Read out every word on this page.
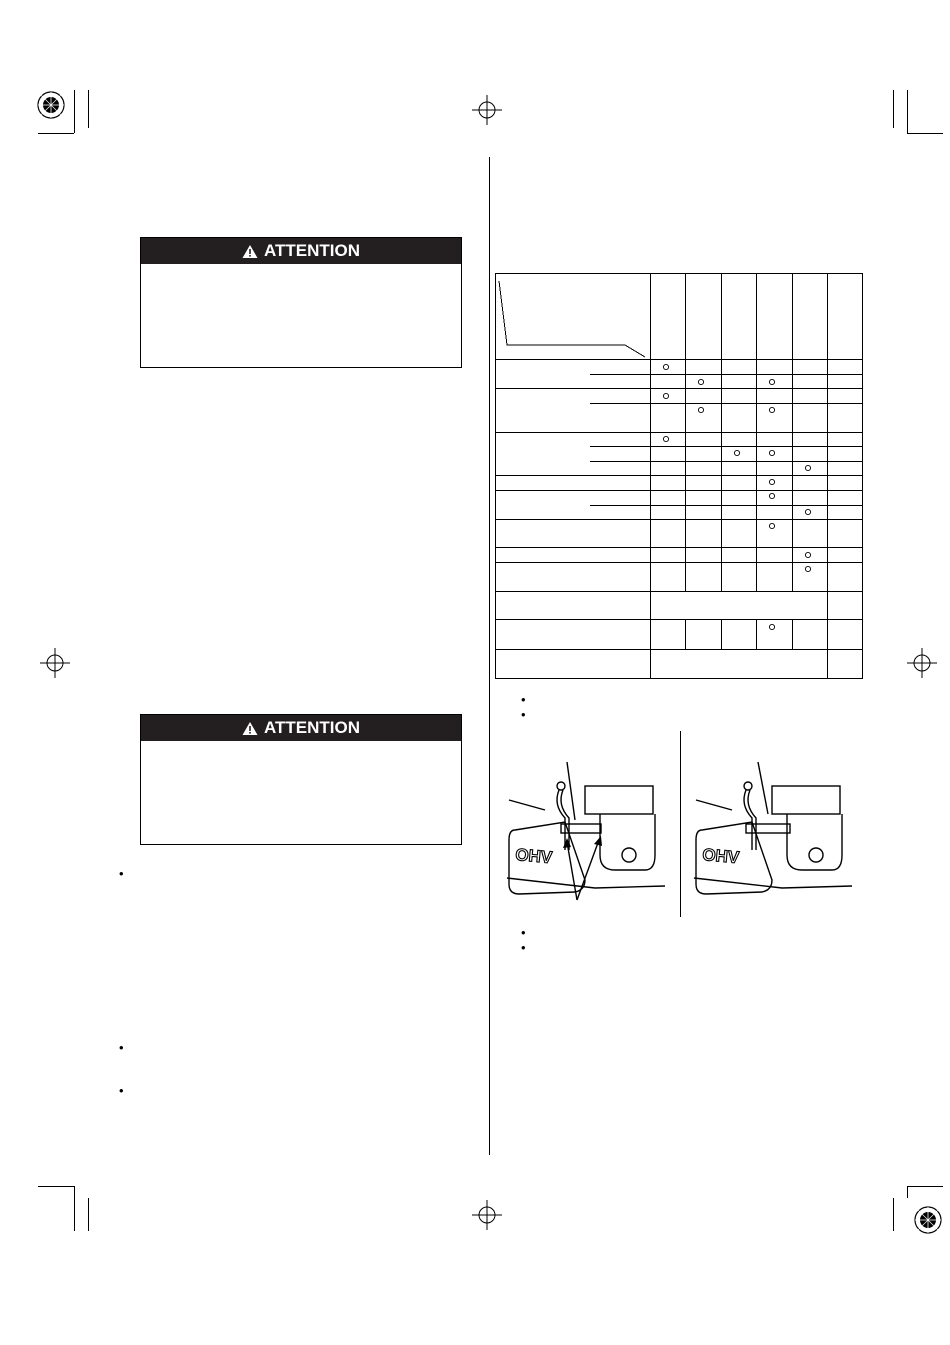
ATTENTION
ATTENTION
•
•
•
•
•
OHV	OHV
•
•
